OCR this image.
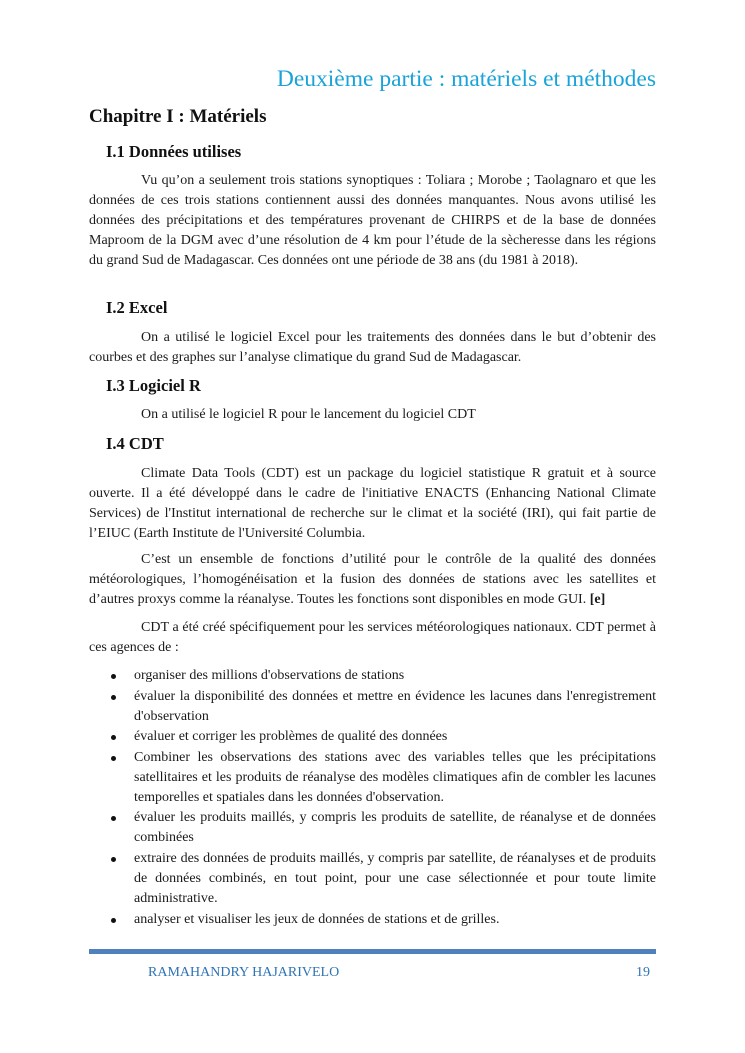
Deuxième partie : matériels et méthodes
Chapitre I : Matériels
I.1 Données utilises
Vu qu’on a seulement trois stations synoptiques : Toliara ; Morobe ; Taolagnaro et que les données de ces trois stations contiennent aussi des données manquantes. Nous avons utilisé les données des précipitations et des températures provenant de CHIRPS et de la base de données Maproom de la DGM avec d’une résolution de 4 km pour l’étude de la sècheresse dans les régions du grand Sud de Madagascar. Ces données ont une période de 38 ans (du 1981 à 2018).
I.2 Excel
On a utilisé le logiciel Excel pour les traitements des données dans le but d’obtenir des courbes et des graphes sur l’analyse climatique du grand Sud de Madagascar.
I.3 Logiciel R
On a utilisé le logiciel R pour le lancement du logiciel CDT
I.4 CDT
Climate Data Tools (CDT) est un package du logiciel statistique R gratuit et à source ouverte. Il a été développé dans le cadre de l'initiative ENACTS (Enhancing National Climate Services) de l'Institut international de recherche sur le climat et la société (IRI), qui fait partie de l’EIUC (Earth Institute de l'Université Columbia.
C’est un ensemble de fonctions d’utilité pour le contrôle de la qualité des données météorologiques, l’homogénéisation et la fusion des données de stations avec les satellites et d’autres proxys comme la réanalyse. Toutes les fonctions sont disponibles en mode GUI. [e]
CDT a été créé spécifiquement pour les services météorologiques nationaux. CDT permet à ces agences de :
organiser des millions d'observations de stations
évaluer la disponibilité des données et mettre en évidence les lacunes dans l'enregistrement d'observation
évaluer et corriger les problèmes de qualité des données
Combiner les observations des stations avec des variables telles que les précipitations satellitaires et les produits de réanalyse des modèles climatiques afin de combler les lacunes temporelles et spatiales dans les données d'observation.
évaluer les produits maillés, y compris les produits de satellite, de réanalyse et de données combinées
extraire des données de produits maillés, y compris par satellite, de réanalyses et de produits de données combinés, en tout point, pour une case sélectionnée et pour toute limite administrative.
analyser et visualiser les jeux de données de stations et de grilles.
RAMAHANDRY HAJARIVELO	19
